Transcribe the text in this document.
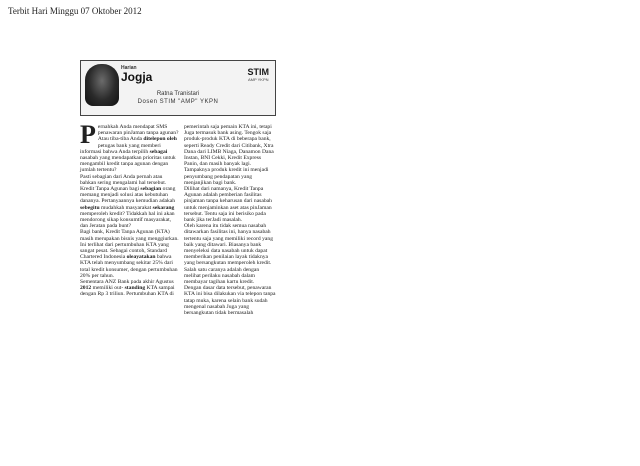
Terbit Hari Minggu 07 Oktober 2012
Harian
Jogja	STIM
AMP YKPN
Ratna Tranistari
Dosen STIM "AMP" YKPN
P ernahkah Anda mendapat SMS penawaran pinJaman tanpa agunan? Atau tiba-tiba Anda ditelepon oleh petugas bank yang memberi informasi bahwa Anda terpilih sebagai nasabah yang mendapatkan prioritas untuk mengambil kredit tanpa agunan dengan jumlah tertentu?

Pasti sebagian dari Anda pernah atau bahkan sering mengalami hal tersebut. Kredit Tanpa Agunan bagi sebagian orang memang menjadi solusi atas kebutuhan dananya. Pertanyaannya kemudian adakah sebegitu mudahkah masyarakat sekarang memperoleh kredit? Tidakkah hal ini akan mendorong sikap konsumtif masyarakat, dan Jeratan pada bunt?

Bagi bank, Kredit Tanpa Agunan (KTA) masih merupakan bisnis yang menggiurkan. Ini terlihat dari pertumbuhan KTA yang sangat pesat. Sebagai contoh, Standard Chartered Indonesia oleayatakan bahwa KTA telah menyumbang sekitar 25% dari total kredit konsumer, dengan pertumbuhan 20% per tahun.

Sementara ANZ Bank pada akhir Agustus 2012 memiliki out- standing KTA sampai dengan Rp 3 triliun. Pertumbuhan KTA di

pemerintah saja pemain KTA ini, tetapi Juga termasuk bank asing. Tengok saja produk-produk KTA di beberapa bank, seperti Ready Credit dari Citibank, Xtra Dana dari LIMB Niaga, Danamon Dana Instan, BNI Cekki, Kredit Express Panin, dan masih banyak lagi. Tampaknya produk kredit ini menjadi penyumbang pendapatan yang menjanjikan bagi bank.

Dilihat dari namanya, Kredit Tanpa Agunan adalah pemberian fasilitas pinjaman tanpa keharusan dari nasabah untuk menjaminkan aset atas pinJaman tersebut. Tentu saja ini berisiko pada bank jika terJadi masalah.

Oleh karena itu tidak semua nasabah ditawarkan fasilitas ini, hanya nasabah tertentu saja yang memiliki record yang baik yang ditawari. Biasanya bank menyeleksi data nasabah untuk dapat memberikan penilaian layak tidaknya yang bersangkutan memperoleh kredit. Salah satu caranya adalah dengan melihat perilaku nasabah dalam membayar tagihan kartu kredit.

Dengan dasar data tersebut, penawaran KTA ini bisa dilakukan via telepon tanpa tatap muka, karena selain bank sudah mengenal nasabah Juga yang bersangkutan tidak bermasalah
